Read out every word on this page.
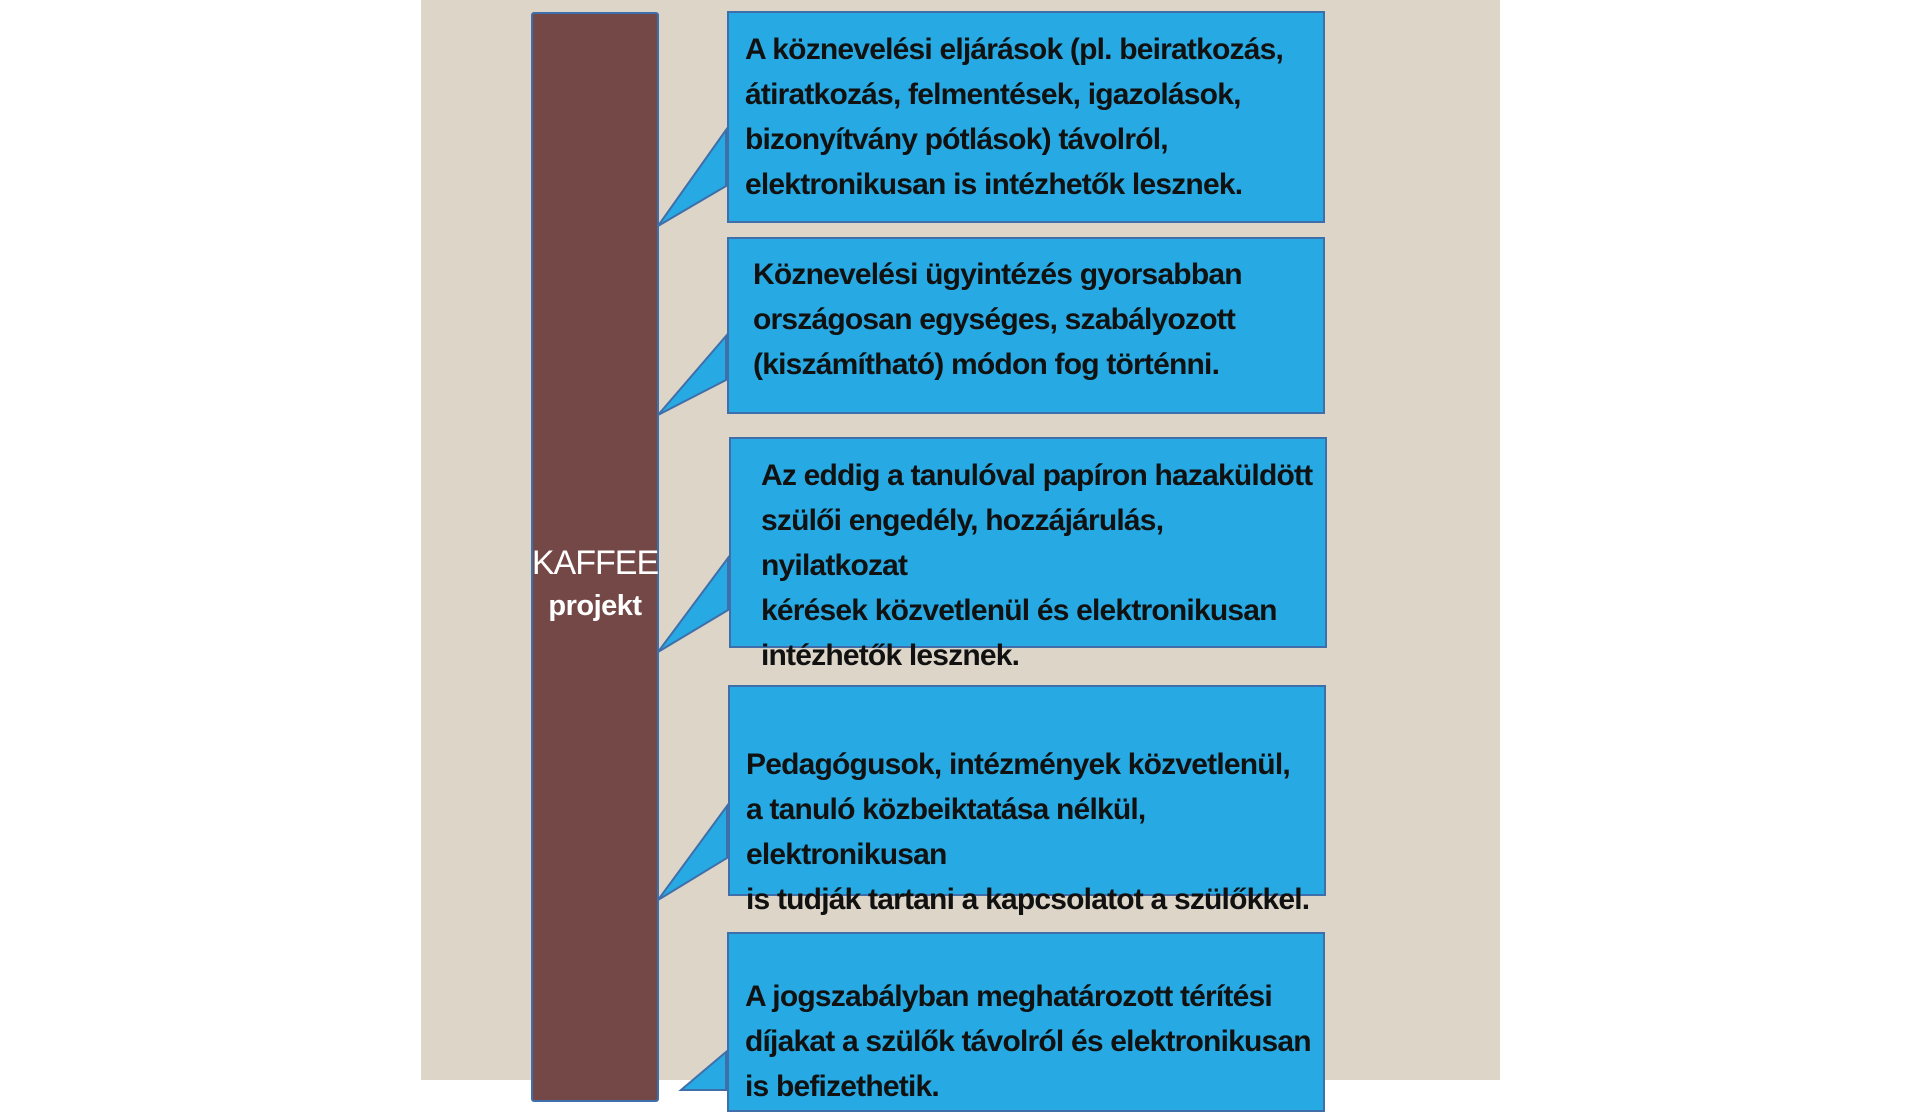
KAFFEE
projekt
A köznevelési eljárások (pl. beiratkozás,
átiratkozás, felmentések, igazolások,
bizonyítvány pótlások) távolról,
elektronikusan is intézhetők lesznek.
Köznevelési ügyintézés gyorsabban
országosan egységes, szabályozott
(kiszámítható) módon fog történni.
Az eddig a tanulóval papíron hazaküldött
szülői engedély, hozzájárulás, nyilatkozat
kérések közvetlenül és elektronikusan
intézhetők lesznek.
Pedagógusok, intézmények közvetlenül,
a tanuló közbeiktatása nélkül, elektronikusan
is tudják tartani a kapcsolatot a szülőkkel.
A jogszabályban meghatározott térítési
díjakat a szülők távolról és elektronikusan
is befizethetik.
